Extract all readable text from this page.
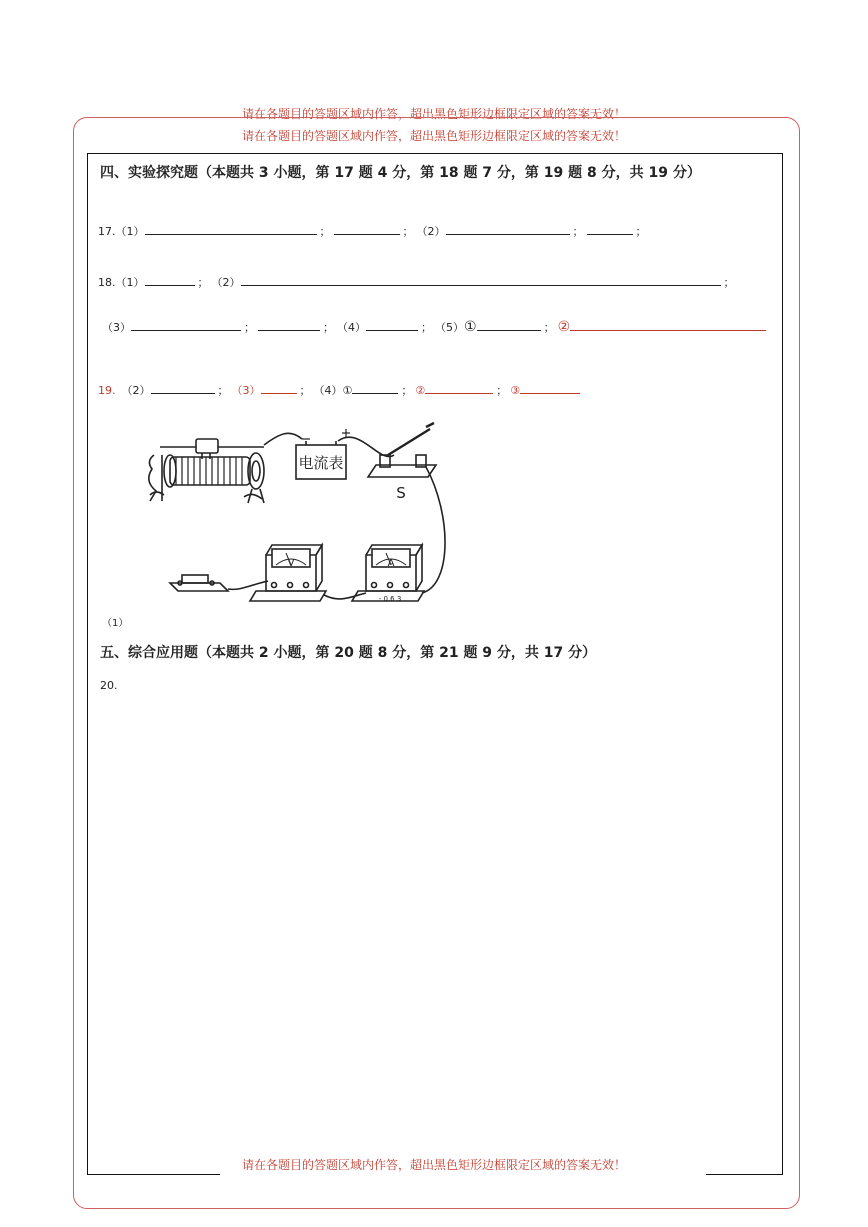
请在各题目的答题区域内作答，超出黑色矩形边框限定区域的答案无效！
请在各题目的答题区域内作答，超出黑色矩形边框限定区域的答案无效！
请在各题目的答题区域内作答，超出黑色矩形边框限定区域的答案无效！
四、实验探究题（本题共 3 小题，第 17 题 4 分，第 18 题 7 分，第 19 题 8 分，共 19 分）
17.（1）	；	； （2）	；	；
18.（1）	； （2）	；
（3）	；	； （4）	； （5）①	； ②
19. （2）	； （3）	； （4）①	； ②	； ③
电流表
S
V	A
- 0.6 3
（1）
五、综合应用题（本题共 2 小题，第 20 题 8 分，第 21 题 9 分，共 17 分）
20.
